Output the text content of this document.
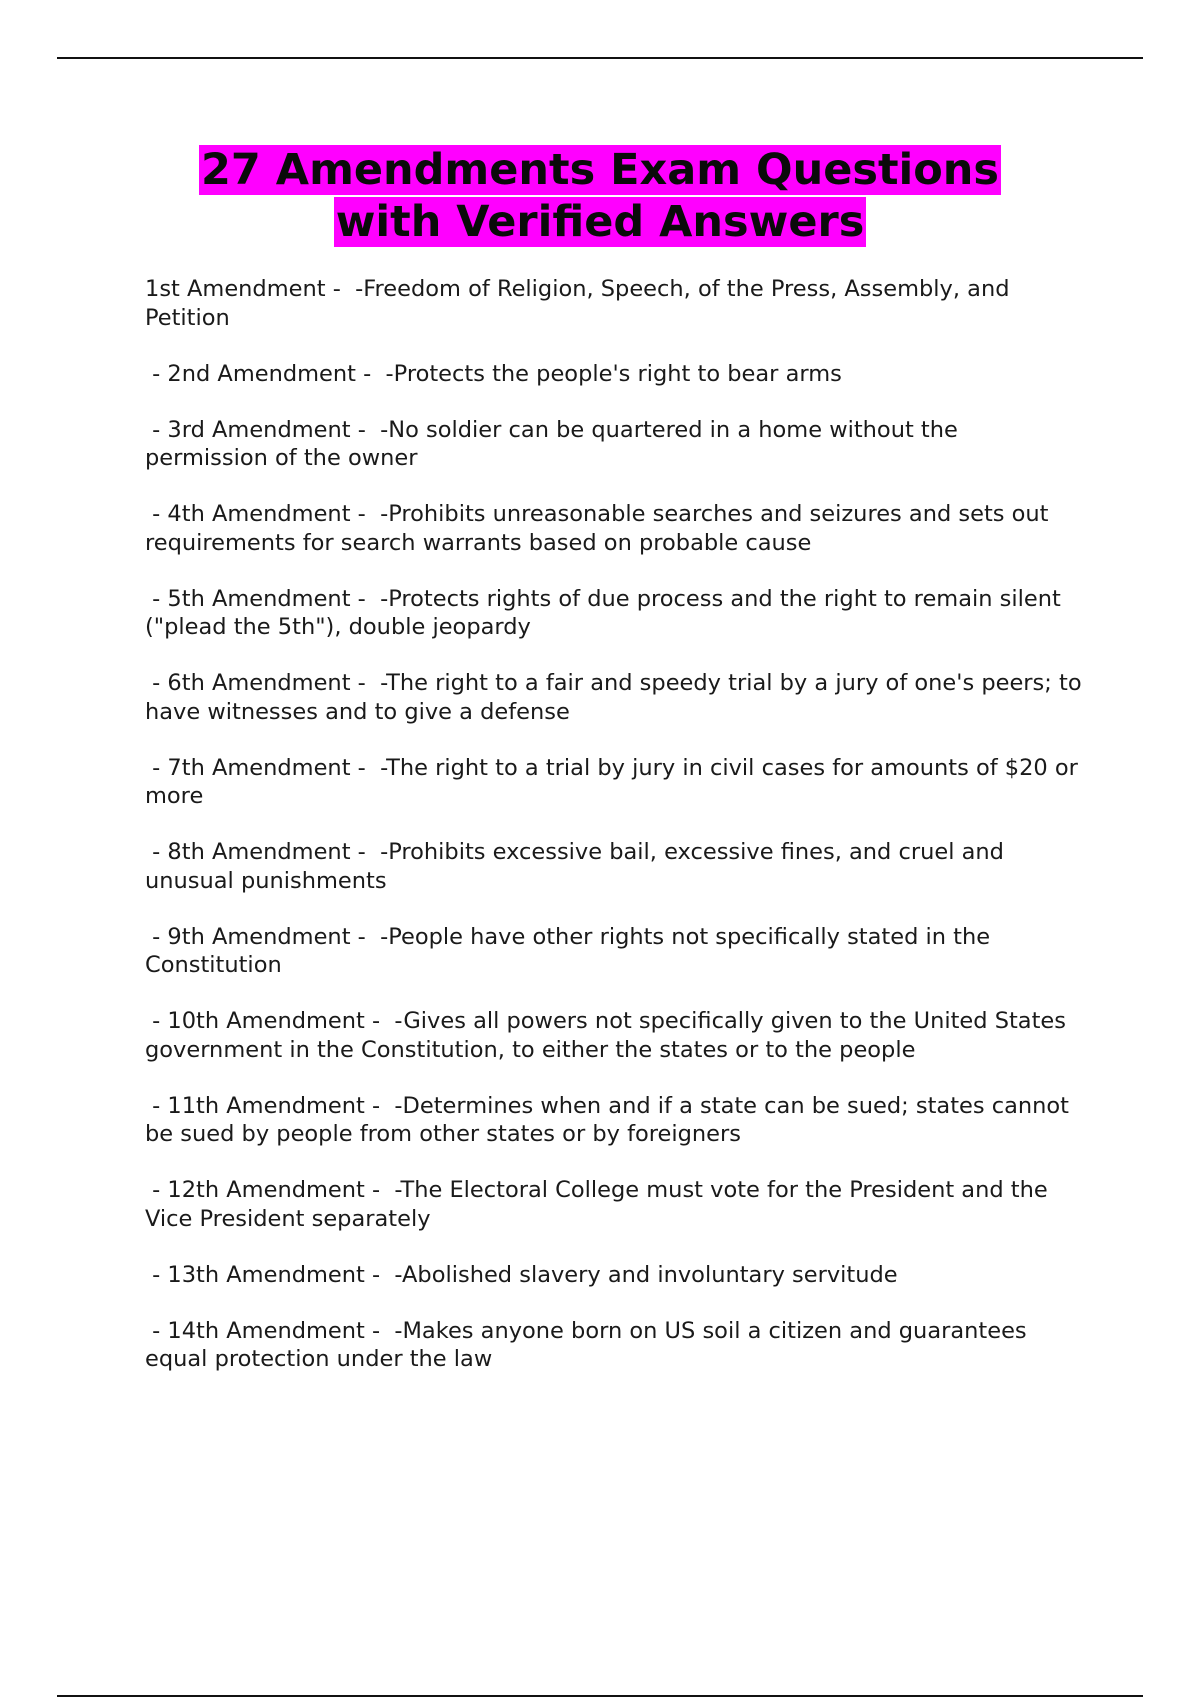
27 Amendments Exam Questions
with Verified Answers

1st Amendment -  -Freedom of Religion, Speech, of the Press, Assembly, and Petition

- 2nd Amendment -  -Protects the people's right to bear arms

- 3rd Amendment -  -No soldier can be quartered in a home without the permission of the owner

- 4th Amendment -  -Prohibits unreasonable searches and seizures and sets out requirements for search warrants based on probable cause

- 5th Amendment -  -Protects rights of due process and the right to remain silent ("plead the 5th"), double jeopardy

- 6th Amendment -  -The right to a fair and speedy trial by a jury of one's peers; to have witnesses and to give a defense

- 7th Amendment -  -The right to a trial by jury in civil cases for amounts of $20 or more

- 8th Amendment -  -Prohibits excessive bail, excessive fines, and cruel and unusual punishments

- 9th Amendment -  -People have other rights not specifically stated in the Constitution

- 10th Amendment -  -Gives all powers not specifically given to the United States government in the Constitution, to either the states or to the people

- 11th Amendment -  -Determines when and if a state can be sued; states cannot be sued by people from other states or by foreigners

- 12th Amendment -  -The Electoral College must vote for the President and the Vice President separately

- 13th Amendment -  -Abolished slavery and involuntary servitude

- 14th Amendment -  -Makes anyone born on US soil a citizen and guarantees equal protection under the law
